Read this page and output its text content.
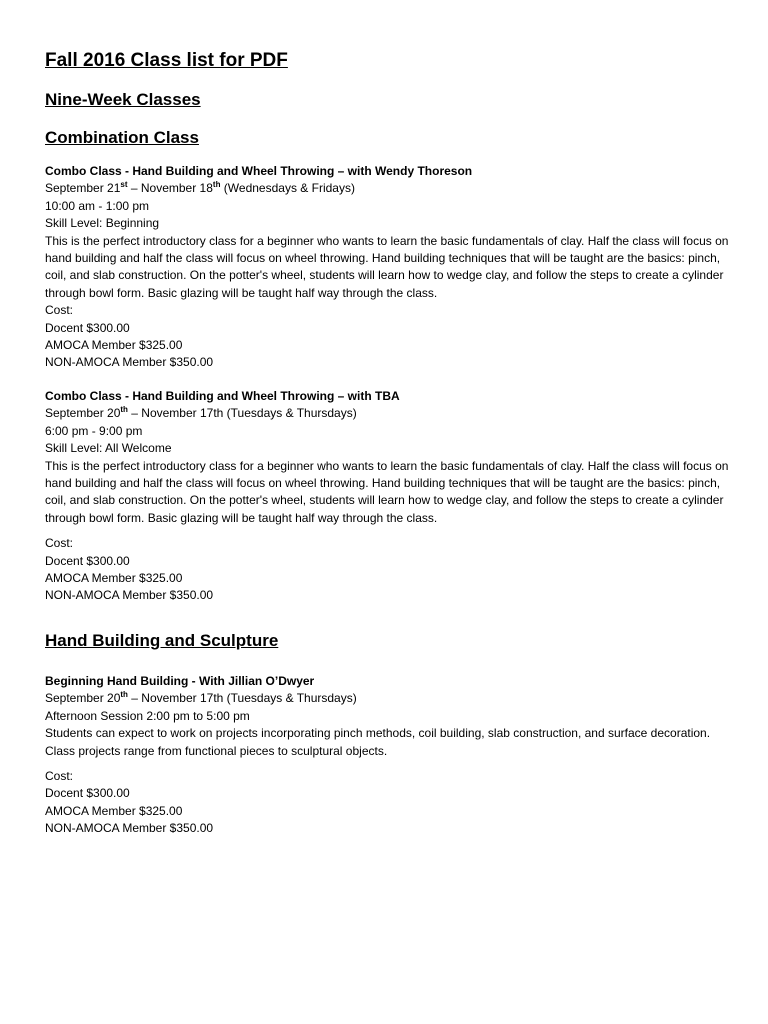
Fall 2016 Class list for PDF
Nine-Week Classes
Combination Class
Combo Class - Hand Building and Wheel Throwing – with Wendy Thoreson
September 21st – November 18th (Wednesdays & Fridays)
10:00 am - 1:00 pm
Skill Level: Beginning
This is the perfect introductory class for a beginner who wants to learn the basic fundamentals of clay. Half the class will focus on hand building and half the class will focus on wheel throwing. Hand building techniques that will be taught are the basics: pinch, coil, and slab construction. On the potter's wheel, students will learn how to wedge clay, and follow the steps to create a cylinder through bowl form. Basic glazing will be taught half way through the class.
Cost:
Docent $300.00
AMOCA Member $325.00
NON-AMOCA Member $350.00
Combo Class - Hand Building and Wheel Throwing – with TBA
September 20th – November 17th (Tuesdays & Thursdays)
6:00 pm - 9:00 pm
Skill Level: All Welcome
This is the perfect introductory class for a beginner who wants to learn the basic fundamentals of clay. Half the class will focus on hand building and half the class will focus on wheel throwing. Hand building techniques that will be taught are the basics: pinch, coil, and slab construction. On the potter's wheel, students will learn how to wedge clay, and follow the steps to create a cylinder through bowl form. Basic glazing will be taught half way through the class.
Cost:
Docent $300.00
AMOCA Member $325.00
NON-AMOCA Member $350.00
Hand Building and Sculpture
Beginning Hand Building - With Jillian O’Dwyer
September 20th – November 17th (Tuesdays & Thursdays)
Afternoon Session 2:00 pm to 5:00 pm
Students can expect to work on projects incorporating pinch methods, coil building, slab construction, and surface decoration. Class projects range from functional pieces to sculptural objects.
Cost:
Docent $300.00
AMOCA Member $325.00
NON-AMOCA Member $350.00
